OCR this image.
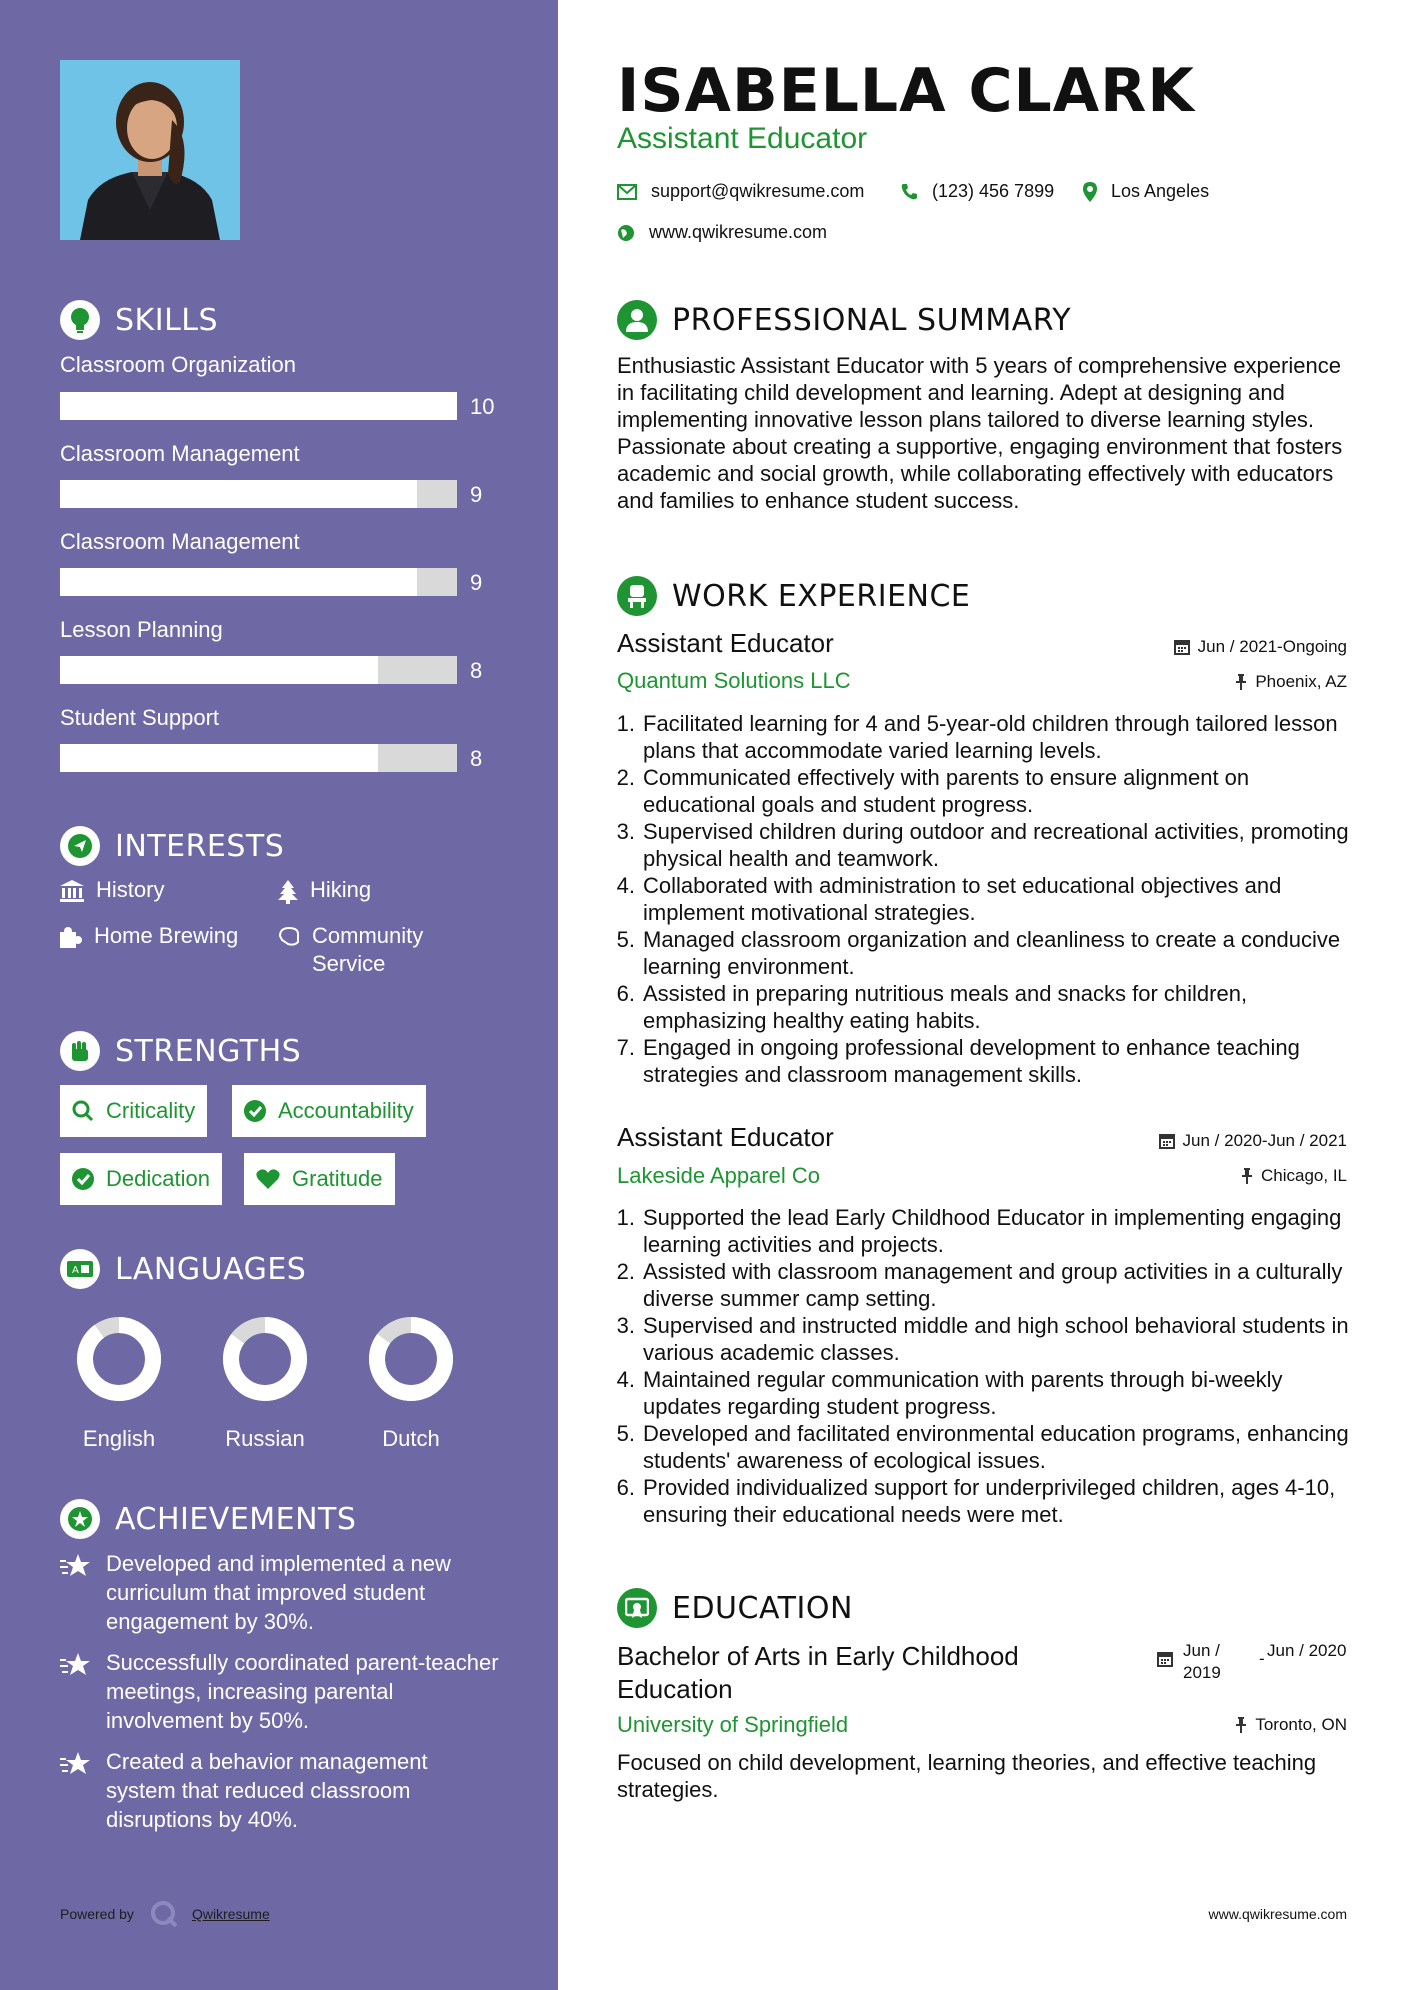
SKILLS
Classroom Organization
10
Classroom Management
9
Classroom Management
9
Lesson Planning
8
Student Support
8
INTERESTS
History	Hiking
Home Brewing	Community Service
STRENGTHS
Criticality	Accountability
Dedication	Gratitude
A LANGUAGES
English	Russian	Dutch
ACHIEVEMENTS
Developed and implemented a new curriculum that improved student engagement by 30%.
Successfully coordinated parent-teacher meetings, increasing parental involvement by 50%.
Created a behavior management system that reduced classroom disruptions by 40%.
Powered by	Qwikresume
ISABELLA CLARK
Assistant Educator
support@qwikresume.com	(123) 456 7899	Los Angeles
www.qwikresume.com
PROFESSIONAL SUMMARY
Enthusiastic Assistant Educator with 5 years of comprehensive experience in facilitating child development and learning. Adept at designing and implementing innovative lesson plans tailored to diverse learning styles. Passionate about creating a supportive, engaging environment that fosters academic and social growth, while collaborating effectively with educators and families to enhance student success.
WORK EXPERIENCE
Assistant Educator	Jun / 2021-Ongoing
Quantum Solutions LLC	Phoenix, AZ
1. Facilitated learning for 4 and 5-year-old children through tailored lesson plans that accommodate varied learning levels.
2. Communicated effectively with parents to ensure alignment on educational goals and student progress.
3. Supervised children during outdoor and recreational activities, promoting physical health and teamwork.
4. Collaborated with administration to set educational objectives and implement motivational strategies.
5. Managed classroom organization and cleanliness to create a conducive learning environment.
6. Assisted in preparing nutritious meals and snacks for children, emphasizing healthy eating habits.
7. Engaged in ongoing professional development to enhance teaching strategies and classroom management skills.
Assistant Educator	Jun / 2020-Jun / 2021
Lakeside Apparel Co	Chicago, IL
1. Supported the lead Early Childhood Educator in implementing engaging learning activities and projects.
2. Assisted with classroom management and group activities in a culturally diverse summer camp setting.
3. Supervised and instructed middle and high school behavioral students in various academic classes.
4. Maintained regular communication with parents through bi-weekly updates regarding student progress.
5. Developed and facilitated environmental education programs, enhancing students' awareness of ecological issues.
6. Provided individualized support for underprivileged children, ages 4-10, ensuring their educational needs were met.
EDUCATION
Bachelor of Arts in Early Childhood Education
Jun / 2019
- Jun / 2020
University of Springfield	Toronto, ON
Focused on child development, learning theories, and effective teaching strategies.
www.qwikresume.com
